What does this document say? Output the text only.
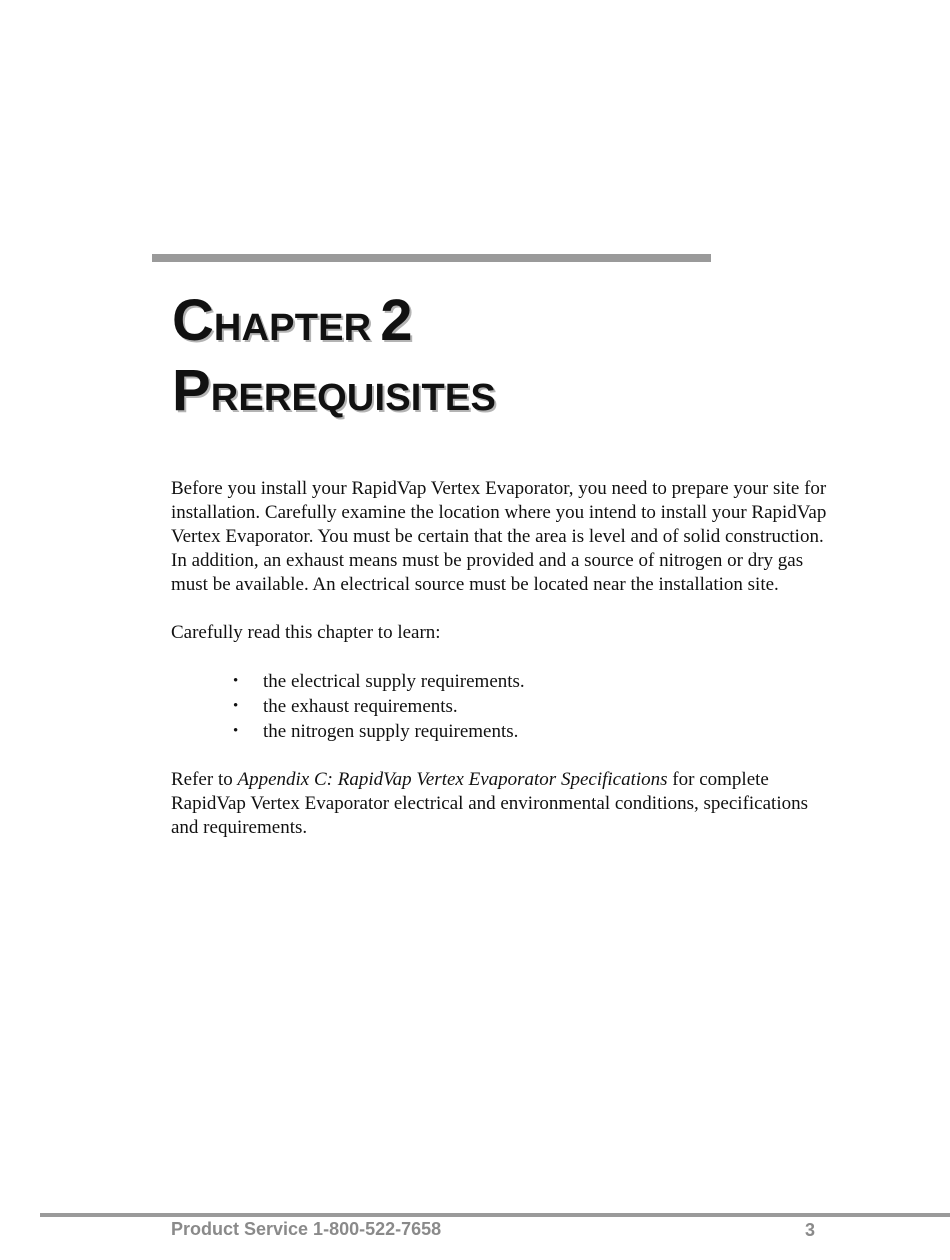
CHAPTER 2
PREREQUISITES

Before you install your RapidVap Vertex Evaporator, you need to prepare your site for installation. Carefully examine the location where you intend to install your RapidVap Vertex Evaporator. You must be certain that the area is level and of solid construction. In addition, an exhaust means must be provided and a source of nitrogen or dry gas must be available. An electrical source must be located near the installation site.

Carefully read this chapter to learn:

• the electrical supply requirements.
• the exhaust requirements.
• the nitrogen supply requirements.

Refer to Appendix C: RapidVap Vertex Evaporator Specifications for complete RapidVap Vertex Evaporator electrical and environmental conditions, specifications and requirements.

Product Service 1-800-522-7658	3
